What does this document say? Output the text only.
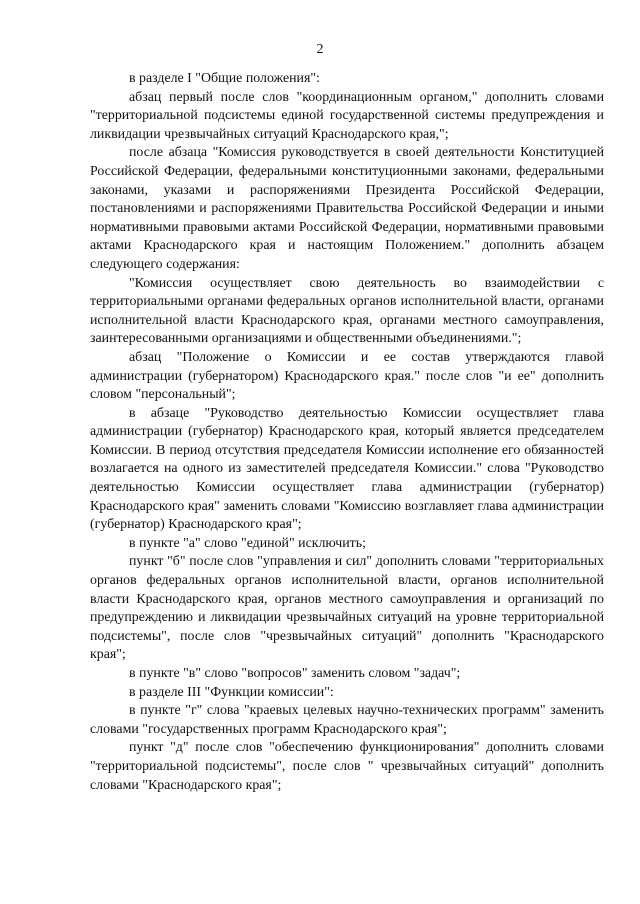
2

в разделе I "Общие положения":

абзац первый после слов "координационным органом," дополнить словами "территориальной подсистемы единой государственной системы предупреждения и ликвидации чрезвычайных ситуаций Краснодарского края,";

после абзаца "Комиссия руководствуется в своей деятельности Конституцией Российской Федерации, федеральными конституционными законами, федеральными законами, указами и распоряжениями Президента Российской Федерации, постановлениями и распоряжениями Правительства Российской Федерации и иными нормативными правовыми актами Российской Федерации, нормативными правовыми актами Краснодарского края и настоящим Положением." дополнить абзацем следующего содержания:

"Комиссия осуществляет свою деятельность во взаимодействии с территориальными органами федеральных органов исполнительной власти, органами исполнительной власти Краснодарского края, органами местного самоуправления, заинтересованными организациями и общественными объединениями.";

абзац "Положение о Комиссии и ее состав утверждаются главой администрации (губернатором) Краснодарского края." после слов "и ее" дополнить словом "персональный";

в абзаце "Руководство деятельностью Комиссии осуществляет глава администрации (губернатор) Краснодарского края, который является председателем Комиссии. В период отсутствия председателя Комиссии исполнение его обязанностей возлагается на одного из заместителей председателя Комиссии." слова "Руководство деятельностью Комиссии осуществляет глава администрации (губернатор) Краснодарского края" заменить словами "Комиссию возглавляет глава администрации (губернатор) Краснодарского края";

в пункте "а" слово "единой" исключить;

пункт "б" после слов "управления и сил" дополнить словами "территориальных органов федеральных органов исполнительной власти, органов исполнительной власти Краснодарского края, органов местного самоуправления и организаций по предупреждению и ликвидации чрезвычайных ситуаций на уровне территориальной подсистемы", после слов "чрезвычайных ситуаций" дополнить "Краснодарского края";

в пункте "в" слово "вопросов" заменить словом "задач";

в разделе III "Функции комиссии":

в пункте "г" слова "краевых целевых научно-технических программ" заменить словами "государственных программ Краснодарского края";

пункт "д" после слов "обеспечению функционирования" дополнить словами "территориальной подсистемы", после слов " чрезвычайных ситуаций" дополнить словами "Краснодарского края";
